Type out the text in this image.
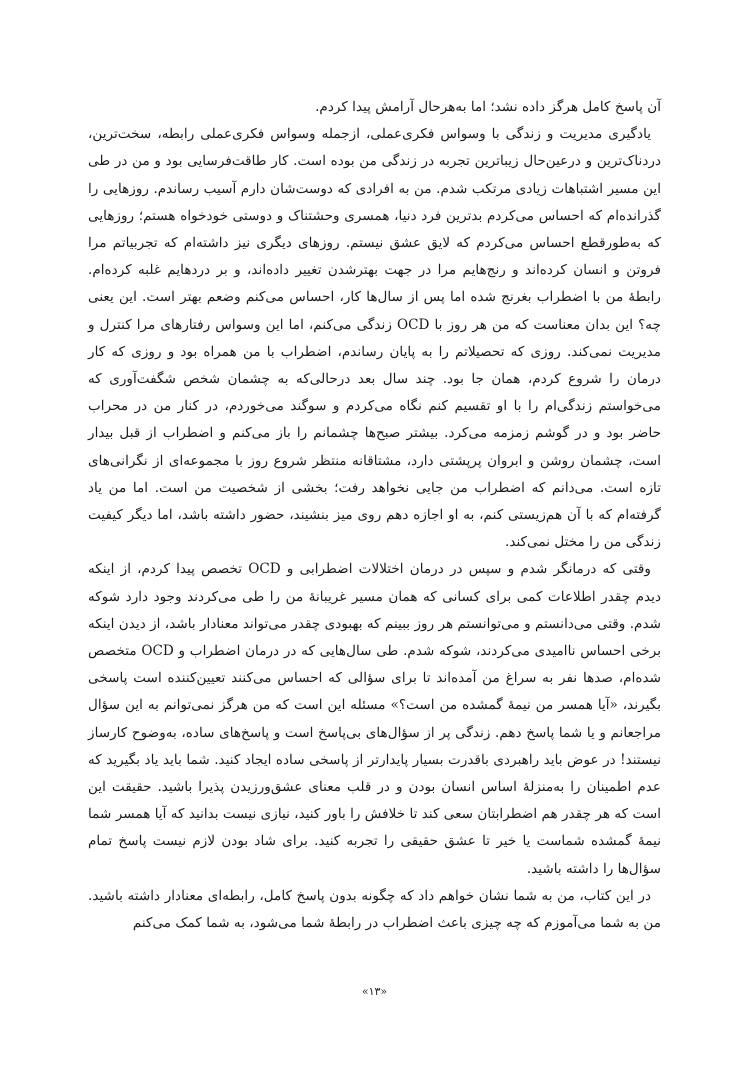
آن پاسخ کامل هرگز داده نشد؛ اما به‌هرحال آرامش پیدا کردم.

یادگیری مدیریت و زندگی با وسواس فکری‌عملی، ازجمله وسواس فکری‌عملی رابطه، سخت‌ترین، دردناک‌ترین و درعین‌حال زیباترین تجربه در زندگی من بوده است. کار طاقت‌فرسایی بود و من در طی این مسیر اشتباهات زیادی مرتکب شدم. من به افرادی که دوست‌شان دارم آسیب رساندم. روزهایی را گذرانده‌ام که احساس می‌کردم بدترین فرد دنیا، همسری وحشتناک و دوستی خودخواه هستم؛ روزهایی که به‌طورقطع احساس می‌کردم که لایق عشق نیستم. روزهای دیگری نیز داشته‌ام که تجربیاتم مرا فروتن و انسان کرده‌اند و رنج‌هایم مرا در جهت بهترشدن تغییر داده‌اند، و بر دردهایم غلبه کرده‌ام. رابطهٔ من با اضطراب بغرنج شده اما پس از سال‌ها کار، احساس می‌کنم وضعم بهتر است. این یعنی چه؟ این بدان معناست که من هر روز با OCD زندگی می‌کنم، اما این وسواس رفتارهای مرا کنترل و مدیریت نمی‌کند. روزی که تحصیلاتم را به پایان رساندم، اضطراب با من همراه بود و روزی که کار درمان را شروع کردم، همان جا بود. چند سال بعد درحالی‌که به چشمان شخص شگفت‌آوری که می‌خواستم زندگی‌ام را با او تقسیم کنم نگاه می‌کردم و سوگند می‌خوردم، در کنار من در محراب حاضر بود و در گوشم زمزمه می‌کرد. بیشتر صبح‌ها چشمانم را باز می‌کنم و اضطراب از قبل بیدار است، چشمان روشن و ابروان پرپشتی دارد، مشتاقانه منتظر شروع روز با مجموعه‌ای از نگرانی‌های تازه است. می‌دانم که اضطراب من جایی نخواهد رفت؛ بخشی از شخصیت من است. اما من یاد گرفته‌ام که با آن هم‌زیستی کنم، به او اجازه دهم روی میز بنشیند، حضور داشته باشد، اما دیگر کیفیت زندگی من را مختل نمی‌کند.

وقتی که درمانگر شدم و سپس در درمان اختلالات اضطرابی و OCD تخصص پیدا کردم، از اینکه دیدم چقدر اطلاعات کمی برای کسانی که همان مسیر غریبانهٔ من را طی می‌کردند وجود دارد شوکه شدم. وقتی می‌دانستم و می‌توانستم هر روز ببینم که بهبودی چقدر می‌تواند معنادار باشد، از دیدن اینکه برخی احساس ناامیدی می‌کردند، شوکه شدم. طی سال‌هایی که در درمان اضطراب و OCD متخصص شده‌ام، صدها نفر به سراغ من آمده‌اند تا برای سؤالی که احساس می‌کنند تعیین‌کننده است پاسخی بگیرند، «آیا همسر من نیمهٔ گمشده من است؟» مسئله این است که من هرگز نمی‌توانم به این سؤال مراجعانم و یا شما پاسخ دهم. زندگی پر از سؤال‌های بی‌پاسخ است و پاسخ‌های ساده، به‌وضوح کارساز نیستند! در عوض باید راهبردی باقدرت بسیار پایدارتر از پاسخی ساده ایجاد کنید. شما باید یاد بگیرید که عدم اطمینان را به‌منزلهٔ اساس انسان بودن و در قلب معنای عشق‌ورزیدن پذیرا باشید. حقیقت این است که هر چقدر هم اضطرابتان سعی کند تا خلافش را باور کنید، نیازی نیست بدانید که آیا همسر شما نیمهٔ گمشده شماست یا خیر تا عشق حقیقی را تجربه کنید. برای شاد بودن لازم نیست پاسخ تمام سؤال‌ها را داشته باشید.

در این کتاب، من به شما نشان خواهم داد که چگونه بدون پاسخ کامل، رابطه‌ای معنادار داشته باشید. من به شما می‌آموزم که چه چیزی باعث اضطراب در رابطهٔ شما می‌شود، به شما کمک می‌کنم

«۱۳»
